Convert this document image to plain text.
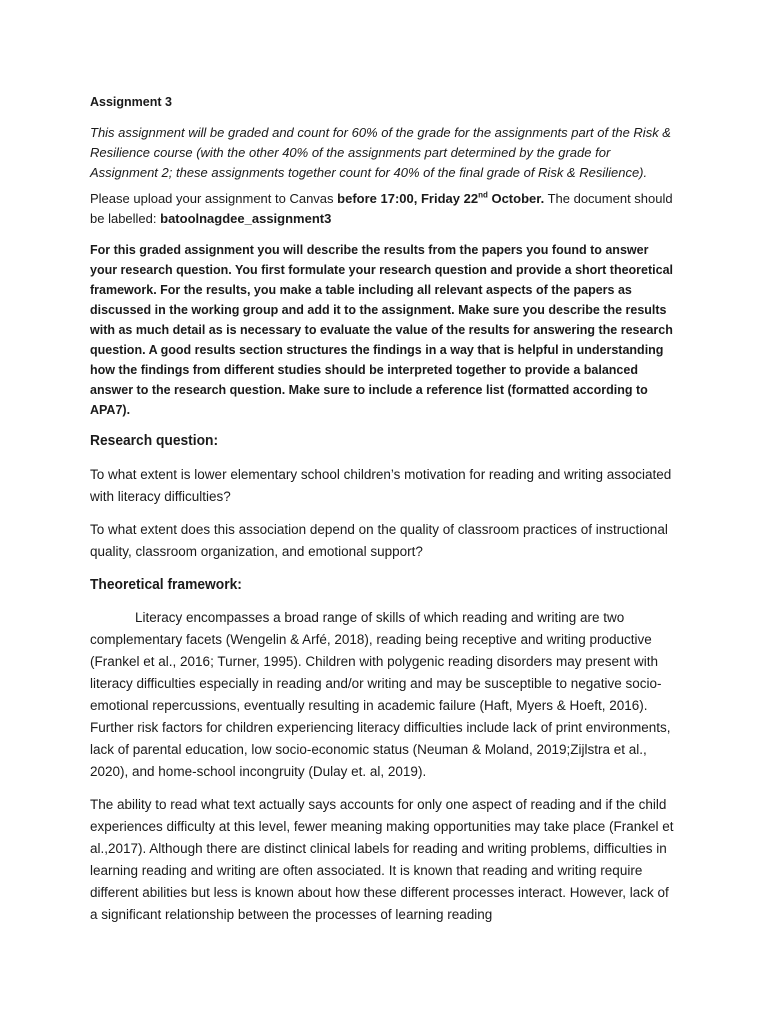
Assignment 3

This assignment will be graded and count for 60% of the grade for the assignments part of the Risk & Resilience course (with the other 40% of the assignments part determined by the grade for Assignment 2; these assignments together count for 40% of the final grade of Risk & Resilience).

Please upload your assignment to Canvas before 17:00, Friday 22nd October. The document should be labelled: batoolnagdee_assignment3

For this graded assignment you will describe the results from the papers you found to answer your research question. You first formulate your research question and provide a short theoretical framework. For the results, you make a table including all relevant aspects of the papers as discussed in the working group and add it to the assignment. Make sure you describe the results with as much detail as is necessary to evaluate the value of the results for answering the research question. A good results section structures the findings in a way that is helpful in understanding how the findings from different studies should be interpreted together to provide a balanced answer to the research question. Make sure to include a reference list (formatted according to APA7).

Research question:

To what extent is lower elementary school children’s motivation for reading and writing associated with literacy difficulties?

To what extent does this association depend on the quality of classroom practices of instructional quality, classroom organization, and emotional support?

Theoretical framework:

Literacy encompasses a broad range of skills of which reading and writing are two complementary facets (Wengelin & Arfé, 2018), reading being receptive and writing productive (Frankel et al., 2016; Turner, 1995). Children with polygenic reading disorders may present with literacy difficulties especially in reading and/or writing and may be susceptible to negative socio-emotional repercussions, eventually resulting in academic failure (Haft, Myers & Hoeft, 2016). Further risk factors for children experiencing literacy difficulties include lack of print environments, lack of parental education, low socio-economic status (Neuman & Moland, 2019;Zijlstra et al., 2020), and home-school incongruity (Dulay et. al, 2019).

The ability to read what text actually says accounts for only one aspect of reading and if the child experiences difficulty at this level, fewer meaning making opportunities may take place (Frankel et al.,2017). Although there are distinct clinical labels for reading and writing problems, difficulties in learning reading and writing are often associated. It is known that reading and writing require different abilities but less is known about how these different processes interact. However, lack of a significant relationship between the processes of learning reading
